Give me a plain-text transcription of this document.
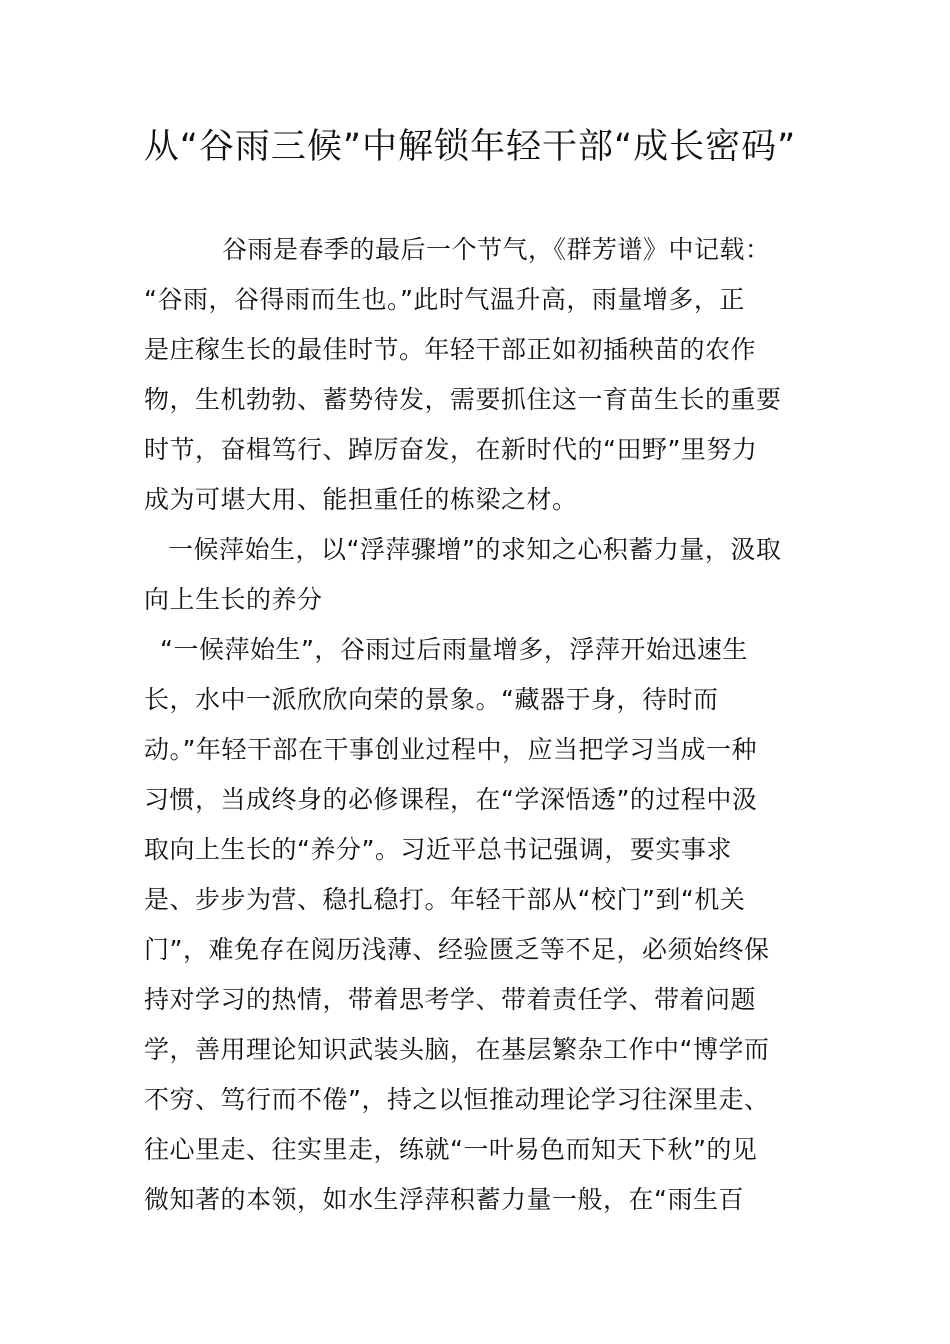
从“谷雨三候”中解锁年轻干部“成长密码”

谷雨是春季的最后一个节气，《群芳谱》中记载：

“谷雨，谷得雨而生也。”此时气温升高，雨量增多，正

是庄稼生长的最佳时节。年轻干部正如初插秧苗的农作

物，生机勃勃、蓄势待发，需要抓住这一育苗生长的重要

时节，奋楫笃行、踔厉奋发，在新时代的“田野”里努力

成为可堪大用、能担重任的栋梁之材。

一候萍始生，以“浮萍骤增”的求知之心积蓄力量，汲取

向上生长的养分

“一候萍始生”，谷雨过后雨量增多，浮萍开始迅速生

长，水中一派欣欣向荣的景象。“藏器于身，待时而

动。”年轻干部在干事创业过程中，应当把学习当成一种

习惯，当成终身的必修课程，在“学深悟透”的过程中汲

取向上生长的“养分”。习近平总书记强调，要实事求

是、步步为营、稳扎稳打。年轻干部从“校门”到“机关

门”，难免存在阅历浅薄、经验匮乏等不足，必须始终保

持对学习的热情，带着思考学、带着责任学、带着问题

学，善用理论知识武装头脑，在基层繁杂工作中“博学而

不穷、笃行而不倦”，持之以恒推动理论学习往深里走、

往心里走、往实里走，练就“一叶易色而知天下秋”的见

微知著的本领，如水生浮萍积蓄力量一般，在“雨生百
